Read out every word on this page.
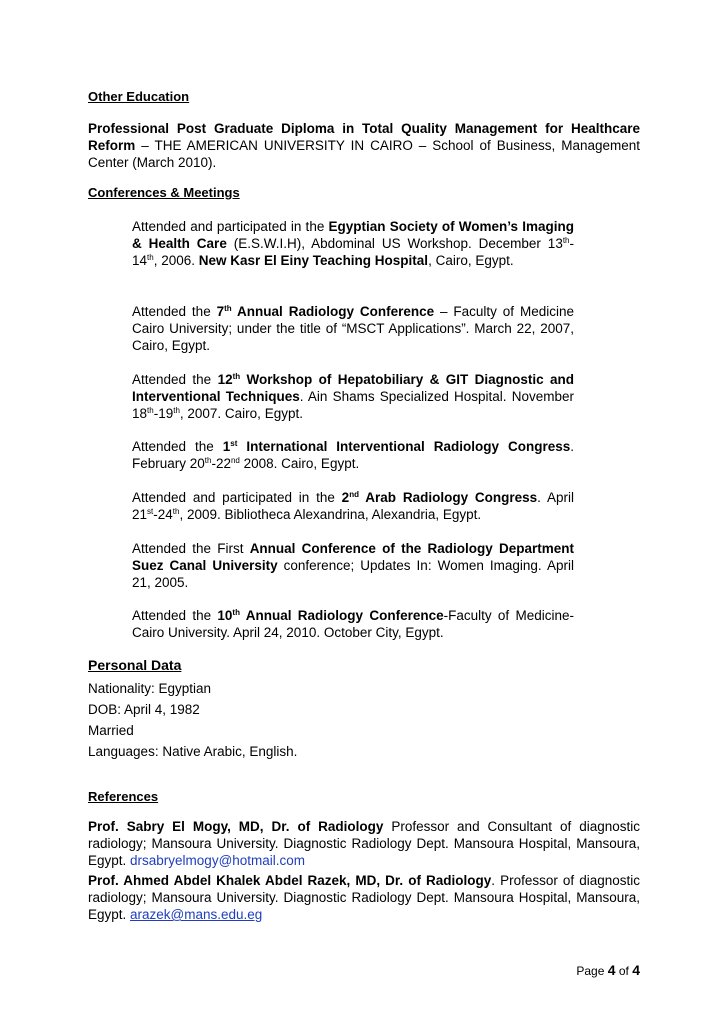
Other Education

Professional Post Graduate Diploma in Total Quality Management for Healthcare Reform – THE AMERICAN UNIVERSITY IN CAIRO – School of Business, Management Center (March 2010).

Conferences & Meetings

Attended and participated in the Egyptian Society of Women’s Imaging & Health Care (E.S.W.I.H), Abdominal US Workshop. December 13th-14th, 2006. New Kasr El Einy Teaching Hospital, Cairo, Egypt.

Attended the 7th Annual Radiology Conference – Faculty of Medicine Cairo University; under the title of “MSCT Applications”. March 22, 2007, Cairo, Egypt.

Attended the 12th Workshop of Hepatobiliary & GIT Diagnostic and Interventional Techniques. Ain Shams Specialized Hospital. November 18th-19th, 2007. Cairo, Egypt.

Attended the 1st International Interventional Radiology Congress. February 20th-22nd 2008. Cairo, Egypt.

Attended and participated in the 2nd Arab Radiology Congress. April 21st-24th, 2009. Bibliotheca Alexandrina, Alexandria, Egypt.

Attended the First Annual Conference of the Radiology Department Suez Canal University conference; Updates In: Women Imaging. April 21, 2005.

Attended the 10th Annual Radiology Conference-Faculty of Medicine-Cairo University. April 24, 2010. October City, Egypt.

Personal Data
Nationality: Egyptian
DOB: April 4, 1982
Married
Languages: Native Arabic, English.
References

Prof. Sabry El Mogy, MD, Dr. of Radiology Professor and Consultant of diagnostic radiology; Mansoura University. Diagnostic Radiology Dept. Mansoura Hospital, Mansoura, Egypt. drsabryelmogy@hotmail.com

Prof. Ahmed Abdel Khalek Abdel Razek, MD, Dr. of Radiology. Professor of diagnostic radiology; Mansoura University. Diagnostic Radiology Dept. Mansoura Hospital, Mansoura, Egypt. arazek@mans.edu.eg

Page 4 of 4
